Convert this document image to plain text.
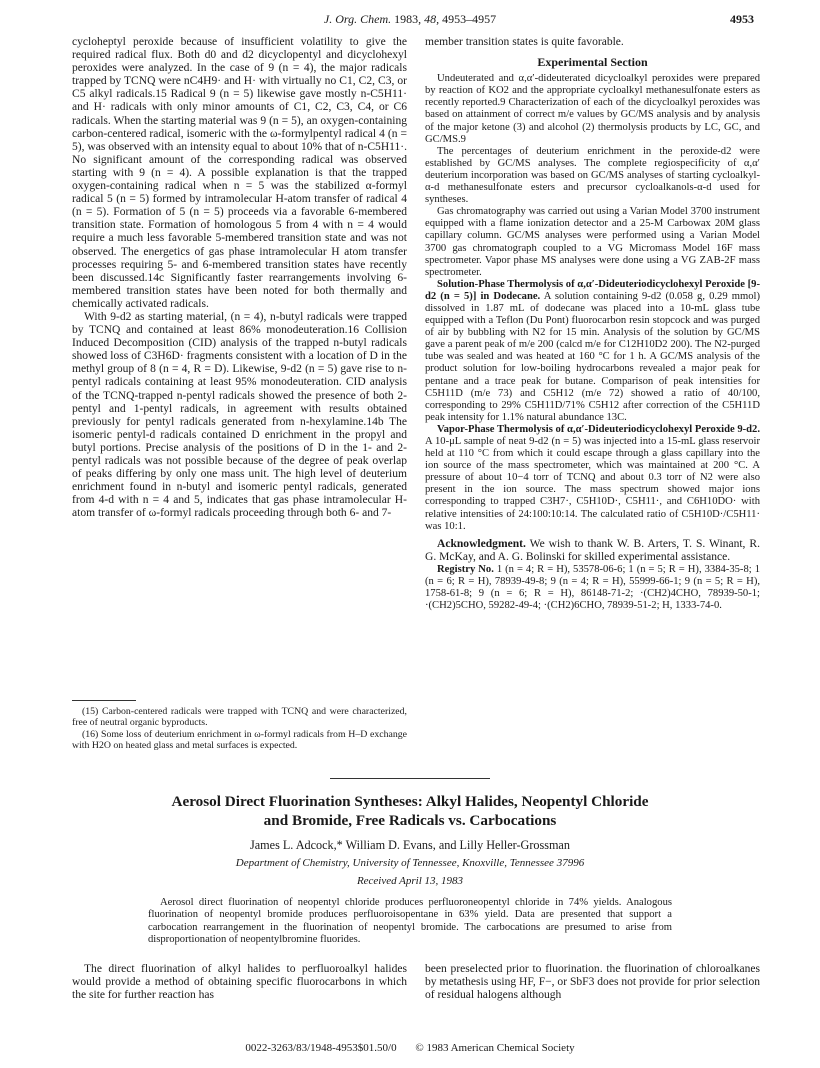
J. Org. Chem. 1983, 48, 4953–4957	4953

cycloheptyl peroxide because of insufficient volatility to give the required radical flux. Both d0 and d2 dicyclopentyl and dicyclohexyl peroxides were analyzed. In the case of 9 (n = 4), the major radicals trapped by TCNQ were nC4H9· and H· with virtually no C1, C2, C3, or C5 alkyl radicals.15 Radical 9 (n = 5) likewise gave mostly n-C5H11· and H· radicals with only minor amounts of C1, C2, C3, C4, or C6 radicals. When the starting material was 9 (n = 5), an oxygen-containing carbon-centered radical, isomeric with the ω-formylpentyl radical 4 (n = 5), was observed with an intensity equal to about 10% that of n-C5H11·. No significant amount of the corresponding radical was observed starting with 9 (n = 4). A possible explanation is that the trapped oxygen-containing radical when n = 5 was the stabilized α-formyl radical 5 (n = 5) formed by intramolecular H-atom transfer of radical 4 (n = 5). Formation of 5 (n = 5) proceeds via a favorable 6-membered transition state. Formation of homologous 5 from 4 with n = 4 would require a much less favorable 5-membered transition state and was not observed. The energetics of gas phase intramolecular H atom transfer processes requiring 5- and 6-membered transition states have recently been discussed.14c Significantly faster rearrangements involving 6-membered transition states have been noted for both thermally and chemically activated radicals.

With 9-d2 as starting material, (n = 4), n-butyl radicals were trapped by TCNQ and contained at least 86% monodeuteration.16 Collision Induced Decomposition (CID) analysis of the trapped n-butyl radicals showed loss of C3H6D· fragments consistent with a location of D in the methyl group of 8 (n = 4, R = D). Likewise, 9-d2 (n = 5) gave rise to n-pentyl radicals containing at least 95% monodeuteration. CID analysis of the TCNQ-trapped n-pentyl radicals showed the presence of both 2-pentyl and 1-pentyl radicals, in agreement with results obtained previously for pentyl radicals generated from n-hexylamine.14b The isomeric pentyl-d radicals contained D enrichment in the propyl and butyl portions. Precise analysis of the positions of D in the 1- and 2-pentyl radicals was not possible because of the degree of peak overlap of peaks differing by only one mass unit. The high level of deuterium enrichment found in n-butyl and isomeric pentyl radicals, generated from 4-d with n = 4 and 5, indicates that gas phase intramolecular H-atom transfer of ω-formyl radicals proceeding through both 6- and 7-

member transition states is quite favorable.

Experimental Section

Undeuterated and α,α′-dideuterated dicycloalkyl peroxides were prepared by reaction of KO2 and the appropriate cycloalkyl methanesulfonate esters as recently reported.9 Characterization of each of the dicycloalkyl peroxides was based on attainment of correct m/e values by GC/MS analysis and by analysis of the major ketone (3) and alcohol (2) thermolysis products by LC, GC, and GC/MS.9

The percentages of deuterium enrichment in the peroxide-d2 were established by GC/MS analyses. The complete regiospecificity of α,α′ deuterium incorporation was based on GC/MS analyses of starting cycloalkyl-α-d methanesulfonate esters and precursor cycloalkanols-α-d used for syntheses.

Gas chromatography was carried out using a Varian Model 3700 instrument equipped with a flame ionization detector and a 25-M Carbowax 20M glass capillary column. GC/MS analyses were performed using a Varian Model 3700 gas chromatograph coupled to a VG Micromass Model 16F mass spectrometer. Vapor phase MS analyses were done using a VG ZAB-2F mass spectrometer.

Solution-Phase Thermolysis of α,α′-Dideuteriodicyclohexyl Peroxide [9-d2 (n = 5)] in Dodecane. A solution containing 9-d2 (0.058 g, 0.29 mmol) dissolved in 1.87 mL of dodecane was placed into a 10-mL glass tube equipped with a Teflon (Du Pont) fluorocarbon resin stopcock and was purged of air by bubbling with N2 for 15 min. Analysis of the solution by GC/MS gave a parent peak of m/e 200 (calcd m/e for C12H10D2 200). The N2-purged tube was sealed and was heated at 160 °C for 1 h. A GC/MS analysis of the product solution for low-boiling hydrocarbons revealed a major peak for pentane and a trace peak for butane. Comparison of peak intensities for C5H11D (m/e 73) and C5H12 (m/e 72) showed a ratio of 40/100, corresponding to 29% C5H11D/71% C5H12 after correction of the C5H11D peak intensity for 1.1% natural abundance 13C.

Vapor-Phase Thermolysis of α,α′-Dideuteriodicyclohexyl Peroxide 9-d2. A 10-μL sample of neat 9-d2 (n = 5) was injected into a 15-mL glass reservoir held at 110 °C from which it could escape through a glass capillary into the ion source of the mass spectrometer, which was maintained at 200 °C. A pressure of about 10−4 torr of TCNQ and about 0.3 torr of N2 were also present in the ion source. The mass spectrum showed major ions corresponding to trapped C3H7·, C5H10D·, C5H11·, and C6H10DO· with relative intensities of 24:100:10:14. The calculated ratio of C5H10D·/C5H11· was 10:1.

Acknowledgment. We wish to thank W. B. Arters, T. S. Winant, R. G. McKay, and A. G. Bolinski for skilled experimental assistance.

Registry No. 1 (n = 4; R = H), 53578-06-6; 1 (n = 5; R = H), 3384-35-8; 1 (n = 6; R = H), 78939-49-8; 9 (n = 4; R = H), 55999-66-1; 9 (n = 5; R = H), 1758-61-8; 9 (n = 6; R = H), 86148-71-2; ·(CH2)4CHO, 78939-50-1; ·(CH2)5CHO, 59282-49-4; ·(CH2)6CHO, 78939-51-2; H, 1333-74-0.

(15) Carbon-centered radicals were trapped with TCNQ and were characterized, free of neutral organic byproducts.

(16) Some loss of deuterium enrichment in ω-formyl radicals from H–D exchange with H2O on heated glass and metal surfaces is expected.

Aerosol Direct Fluorination Syntheses: Alkyl Halides, Neopentyl Chloride
and Bromide, Free Radicals vs. Carbocations
James L. Adcock,* William D. Evans, and Lilly Heller-Grossman
Department of Chemistry, University of Tennessee, Knoxville, Tennessee 37996
Received April 13, 1983
Aerosol direct fluorination of neopentyl chloride produces perfluoroneopentyl chloride in 74% yields. Analogous fluorination of neopentyl bromide produces perfluoroisopentane in 63% yield. Data are presented that support a carbocation rearrangement in the fluorination of neopentyl bromide. The carbocations are presumed to arise from disproportionation of neopentylbromine fluorides.
The direct fluorination of alkyl halides to perfluoroalkyl halides would provide a method of obtaining specific fluorocarbons in which the site for further reaction has
been preselected prior to fluorination. the fluorination of chloroalkanes by metathesis using HF, F−, or SbF3 does not provide for prior selection of residual halogens although
0022-3263/83/1948-4953$01.50/0 © 1983 American Chemical Society
